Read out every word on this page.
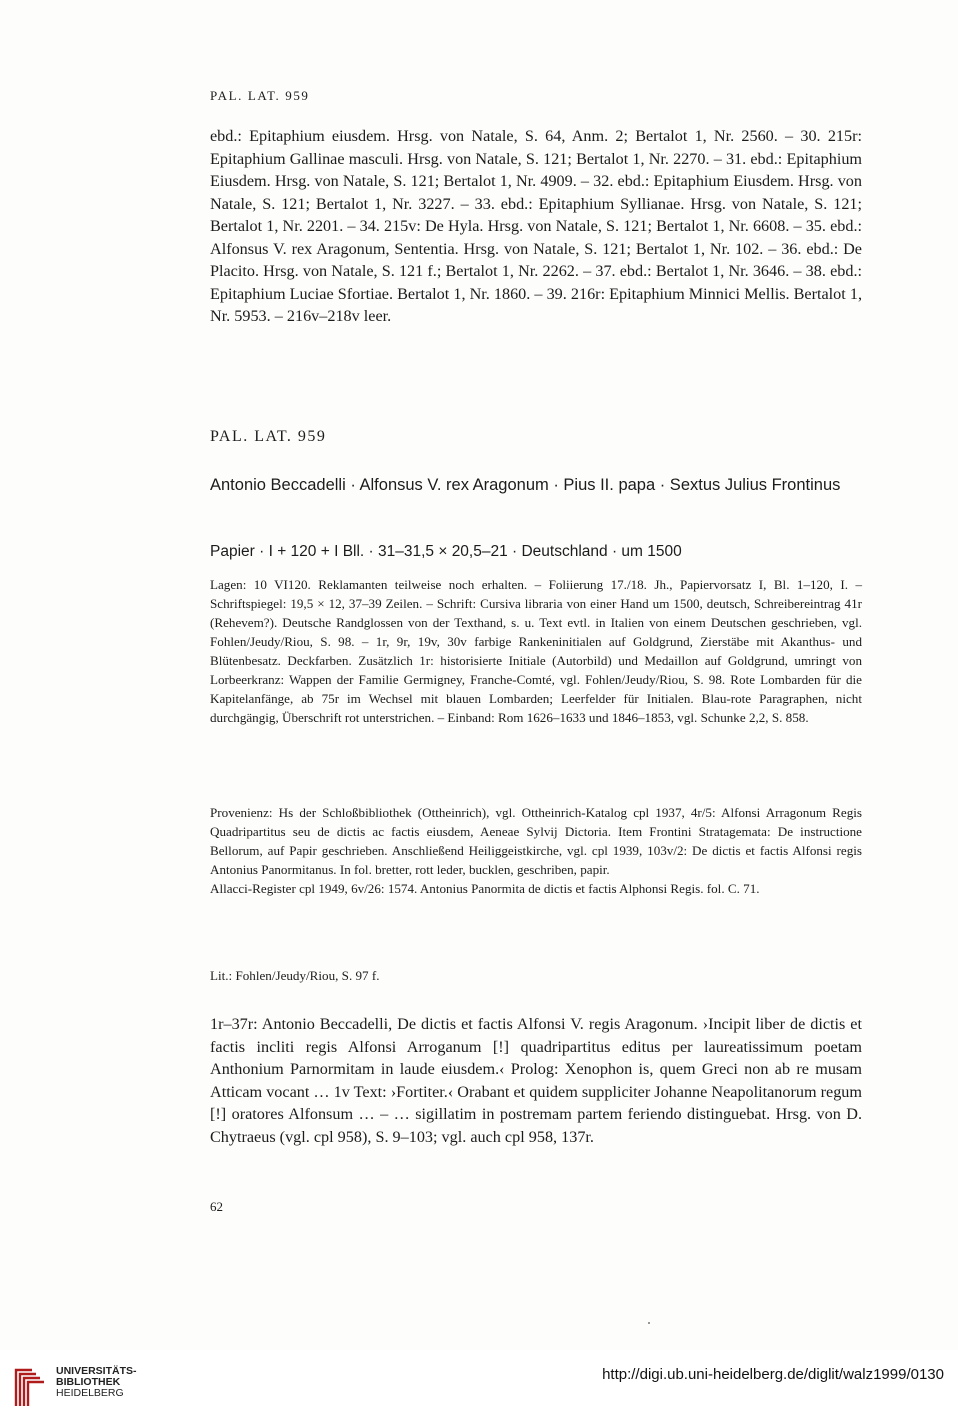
PAL. LAT. 959

ebd.: Epitaphium eiusdem. Hrsg. von Natale, S. 64, Anm. 2; Bertalot 1, Nr. 2560. – 30. 215r: Epitaphium Gallinae masculi. Hrsg. von Natale, S. 121; Bertalot 1, Nr. 2270. – 31. ebd.: Epitaphium Eiusdem. Hrsg. von Natale, S. 121; Bertalot 1, Nr. 4909. – 32. ebd.: Epitaphium Eiusdem. Hrsg. von Natale, S. 121; Bertalot 1, Nr. 3227. – 33. ebd.: Epitaphium Syllianae. Hrsg. von Natale, S. 121; Bertalot 1, Nr. 2201. – 34. 215v: De Hyla. Hrsg. von Natale, S. 121; Bertalot 1, Nr. 6608. – 35. ebd.: Alfonsus V. rex Aragonum, Sententia. Hrsg. von Natale, S. 121; Bertalot 1, Nr. 102. – 36. ebd.: De Placito. Hrsg. von Natale, S. 121 f.; Bertalot 1, Nr. 2262. – 37. ebd.: Bertalot 1, Nr. 3646. – 38. ebd.: Epitaphium Luciae Sfortiae. Bertalot 1, Nr. 1860. – 39. 216r: Epitaphium Minnici Mellis. Bertalot 1, Nr. 5953. – 216v–218v leer.

PAL. LAT. 959
Antonio Beccadelli · Alfonsus V. rex Aragonum · Pius II. papa · Sextus Julius Frontinus
Papier · I + 120 + I Bll. · 31–31,5 × 20,5–21 · Deutschland · um 1500

Lagen: 10 VI120. Reklamanten teilweise noch erhalten. – Foliierung 17./18. Jh., Papiervorsatz I, Bl. 1–120, I. – Schriftspiegel: 19,5 × 12, 37–39 Zeilen. – Schrift: Cursiva libraria von einer Hand um 1500, deutsch, Schreibereintrag 41r (Rehevem?). Deutsche Randglossen von der Texthand, s. u. Text evtl. in Italien von einem Deutschen geschrieben, vgl. Fohlen/Jeudy/Riou, S. 98. – 1r, 9r, 19v, 30v farbige Rankeninitialen auf Goldgrund, Zierstäbe mit Akanthus- und Blütenbesatz. Deckfarben. Zusätzlich 1r: historisierte Initiale (Autorbild) und Medaillon auf Goldgrund, umringt von Lorbeerkranz: Wappen der Familie Germigney, Franche-Comté, vgl. Fohlen/Jeudy/Riou, S. 98. Rote Lombarden für die Kapitelanfänge, ab 75r im Wechsel mit blauen Lombarden; Leerfelder für Initialen. Blau-rote Paragraphen, nicht durchgängig, Überschrift rot unterstrichen. – Einband: Rom 1626–1633 und 1846–1853, vgl. Schunke 2,2, S. 858.

Provenienz: Hs der Schloßbibliothek (Ottheinrich), vgl. Ottheinrich-Katalog cpl 1937, 4r/5: Alfonsi Arragonum Regis Quadripartitus seu de dictis ac factis eiusdem, Aeneae Sylvij Dictoria. Item Frontini Stratagemata: De instructione Bellorum, auf Papir geschrieben. Anschließend Heiliggeistkirche, vgl. cpl 1939, 103v/2: De dictis et factis Alfonsi regis Antonius Panormitanus. In fol. bretter, rott leder, bucklen, geschriben, papir.

Allacci-Register cpl 1949, 6v/26: 1574. Antonius Panormita de dictis et factis Alphonsi Regis. fol. C. 71.

Lit.: Fohlen/Jeudy/Riou, S. 97 f.

1r–37r: Antonio Beccadelli, De dictis et factis Alfonsi V. regis Aragonum. ›Incipit liber de dictis et factis incliti regis Alfonsi Arroganum [!] quadripartitus editus per laureatissimum poetam Anthonium Parnormitam in laude eiusdem.‹ Prolog: Xenophon is, quem Greci non ab re musam Atticam vocant … 1v Text: ›Fortiter.‹ Orabant et quidem suppliciter Johanne Neapolitanorum regum [!] oratores Alfonsum … – … sigillatim in postremam partem feriendo distinguebat. Hrsg. von D. Chytraeus (vgl. cpl 958), S. 9–103; vgl. auch cpl 958, 137r.

62
UNIVERSITÄTS-
BIBLIOTHEK
HEIDELBERG
http://digi.ub.uni-heidelberg.de/diglit/walz1999/0130
